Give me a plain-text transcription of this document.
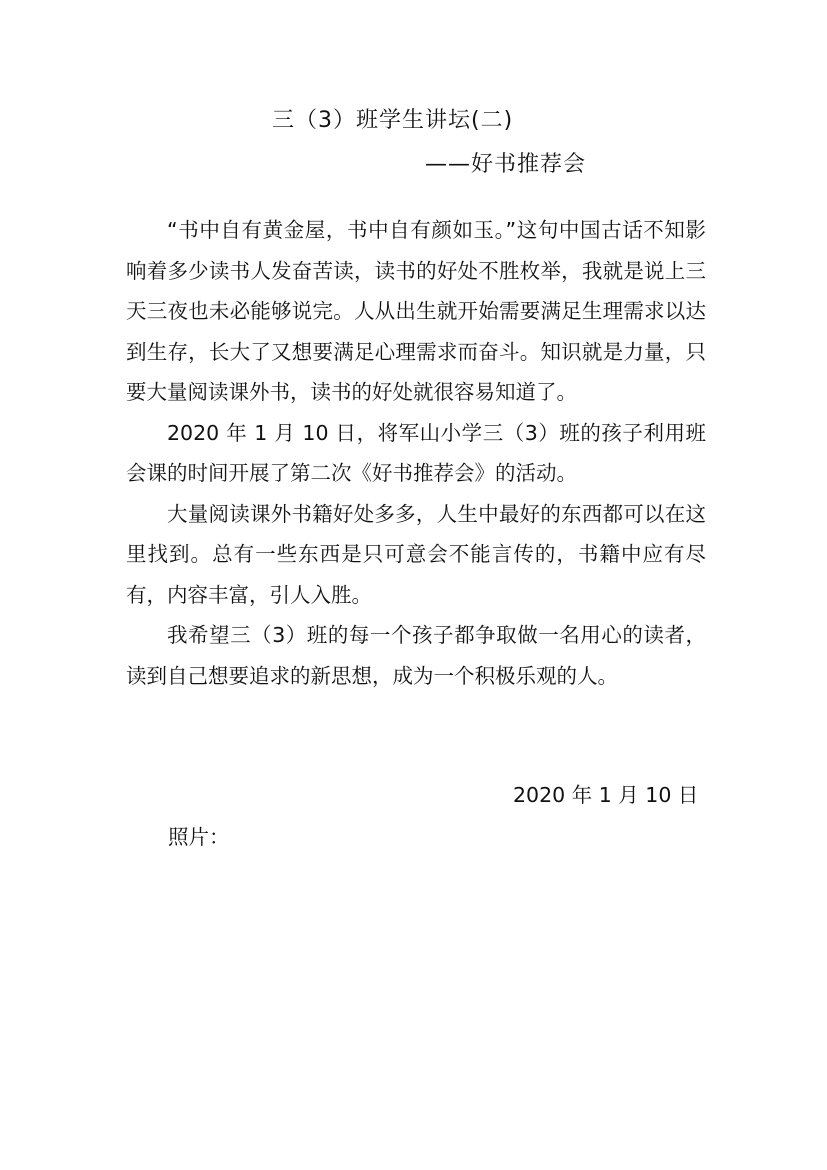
三（3）班学生讲坛(二)
——好书推荐会

“书中自有黄金屋，书中自有颜如玉。”这句中国古话不知影响着多少读书人发奋苦读，读书的好处不胜枚举，我就是说上三天三夜也未必能够说完。人从出生就开始需要满足生理需求以达到生存，长大了又想要满足心理需求而奋斗。知识就是力量，只要大量阅读课外书，读书的好处就很容易知道了。

2020 年 1 月 10 日，将军山小学三（3）班的孩子利用班会课的时间开展了第二次《好书推荐会》的活动。

大量阅读课外书籍好处多多，人生中最好的东西都可以在这里找到。总有一些东西是只可意会不能言传的，书籍中应有尽有，内容丰富，引人入胜。

我希望三（3）班的每一个孩子都争取做一名用心的读者，读到自己想要追求的新思想，成为一个积极乐观的人。

2020 年 1 月 10 日
照片：
